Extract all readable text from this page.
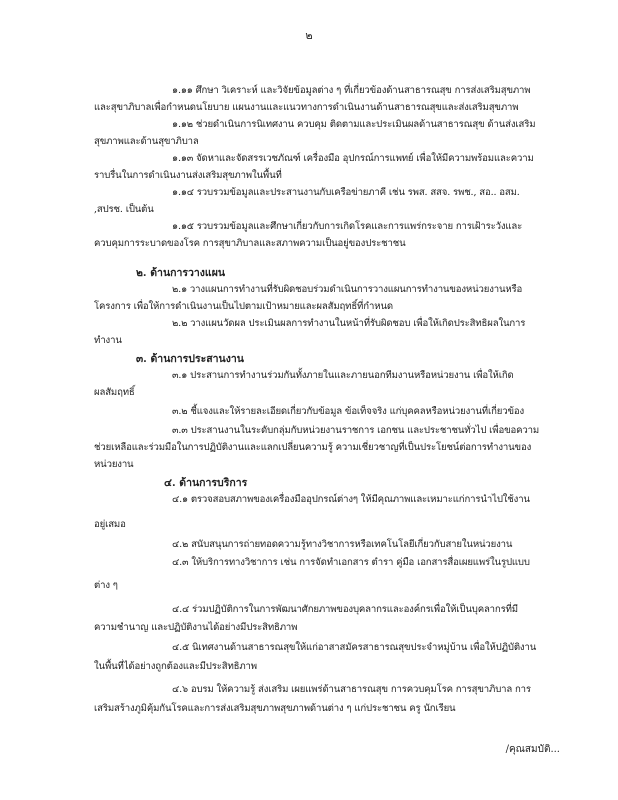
๒
๑.๑๑ ศึกษา วิเคราะห์ และวิจัยข้อมูลต่าง ๆ ที่เกี่ยวข้องด้านสาธารณสุข การส่งเสริมสุขภาพ
และสุขาภิบาลเพื่อกำหนดนโยบาย แผนงานและแนวทางการดำเนินงานด้านสาธารณสุขและส่งเสริมสุขภาพ
๑.๑๒ ช่วยดำเนินการนิเทศงาน ควบคุม ติดตามและประเมินผลด้านสาธารณสุข ด้านส่งเสริม
สุขภาพและด้านสุขาภิบาล
๑.๑๓ จัดหาและจัดสรรเวชภัณฑ์ เครื่องมือ อุปกรณ์การแพทย์ เพื่อให้มีความพร้อมและความ
ราบรื่นในการดำเนินงานส่งเสริมสุขภาพในพื้นที่
๑.๑๔ รวบรวมข้อมูลและประสานงานกับเครือข่ายภาคี เช่น รพส. สสจ. รพช., สอ.. อสม.
,สปรช. เป็นต้น
๑.๑๕ รวบรวมข้อมูลและศึกษาเกี่ยวกับการเกิดโรคและการแพร่กระจาย การเฝ้าระวังและ
ควบคุมการระบาดของโรค การสุขาภิบาลและสภาพความเป็นอยู่ของประชาชน
๒. ด้านการวางแผน
๒.๑ วางแผนการทำงานที่รับผิดชอบร่วมดำเนินการวางแผนการทำงานของหน่วยงานหรือ
โครงการ เพื่อให้การดำเนินงานเป็นไปตามเป้าหมายและผลสัมฤทธิ์ที่กำหนด
๒.๒ วางแผนวัดผล ประเมินผลการทำงานในหน้าที่รับผิดชอบ เพื่อให้เกิดประสิทธิผลในการ
ทำงาน
๓. ด้านการประสานงาน
๓.๑ ประสานการทำงานร่วมกันทั้งภายในและภายนอกทีมงานหรือหน่วยงาน เพื่อให้เกิด
ผลสัมฤทธิ์
๓.๒ ชี้แจงและให้รายละเอียดเกี่ยวกับข้อมูล ข้อเท็จจริง แก่บุคคลหรือหน่วยงานที่เกี่ยวข้อง
๓.๓ ประสานงานในระดับกลุ่มกับหน่วยงานราชการ เอกชน และประชาชนทั่วไป เพื่อขอความ
ช่วยเหลือและร่วมมือในการปฏิบัติงานและแลกเปลี่ยนความรู้ ความเชี่ยวชาญที่เป็นประโยชน์ต่อการทำงานของ
หน่วยงาน
๔. ด้านการบริการ
๔.๑ ตรวจสอบสภาพของเครื่องมืออุปกรณ์ต่างๆ ให้มีคุณภาพและเหมาะแก่การนำไปใช้งาน
อยู่เสมอ
๔.๒ สนับสนุนการถ่ายทอดความรู้ทางวิชาการหรือเทคโนโลยีเกี่ยวกับสายในหน่วยงาน
๔.๓ ให้บริการทางวิชาการ เช่น การจัดทำเอกสาร ตำรา คู่มือ เอกสารสื่อเผยแพร่ในรูปแบบ
ต่าง ๆ
๔.๔ ร่วมปฏิบัติการในการพัฒนาศักยภาพของบุคลากรและองค์กรเพื่อให้เป็นบุคลากรที่มี
ความชำนาญ และปฏิบัติงานได้อย่างมีประสิทธิภาพ
๔.๕ นิเทศงานด้านสาธารณสุขให้แก่อาสาสมัครสาธารณสุขประจำหมู่บ้าน เพื่อให้ปฏิบัติงาน
ในพื้นที่ได้อย่างถูกต้องและมีประสิทธิภาพ
๔.๖ อบรม ให้ความรู้ ส่งเสริม เผยแพร่ด้านสาธารณสุข การควบคุมโรค การสุขาภิบาล การ
เสริมสร้างภูมิคุ้มกันโรคและการส่งเสริมสุขภาพสุขภาพด้านต่าง ๆ แก่ประชาชน ครู นักเรียน
/คุณสมบัติ...
